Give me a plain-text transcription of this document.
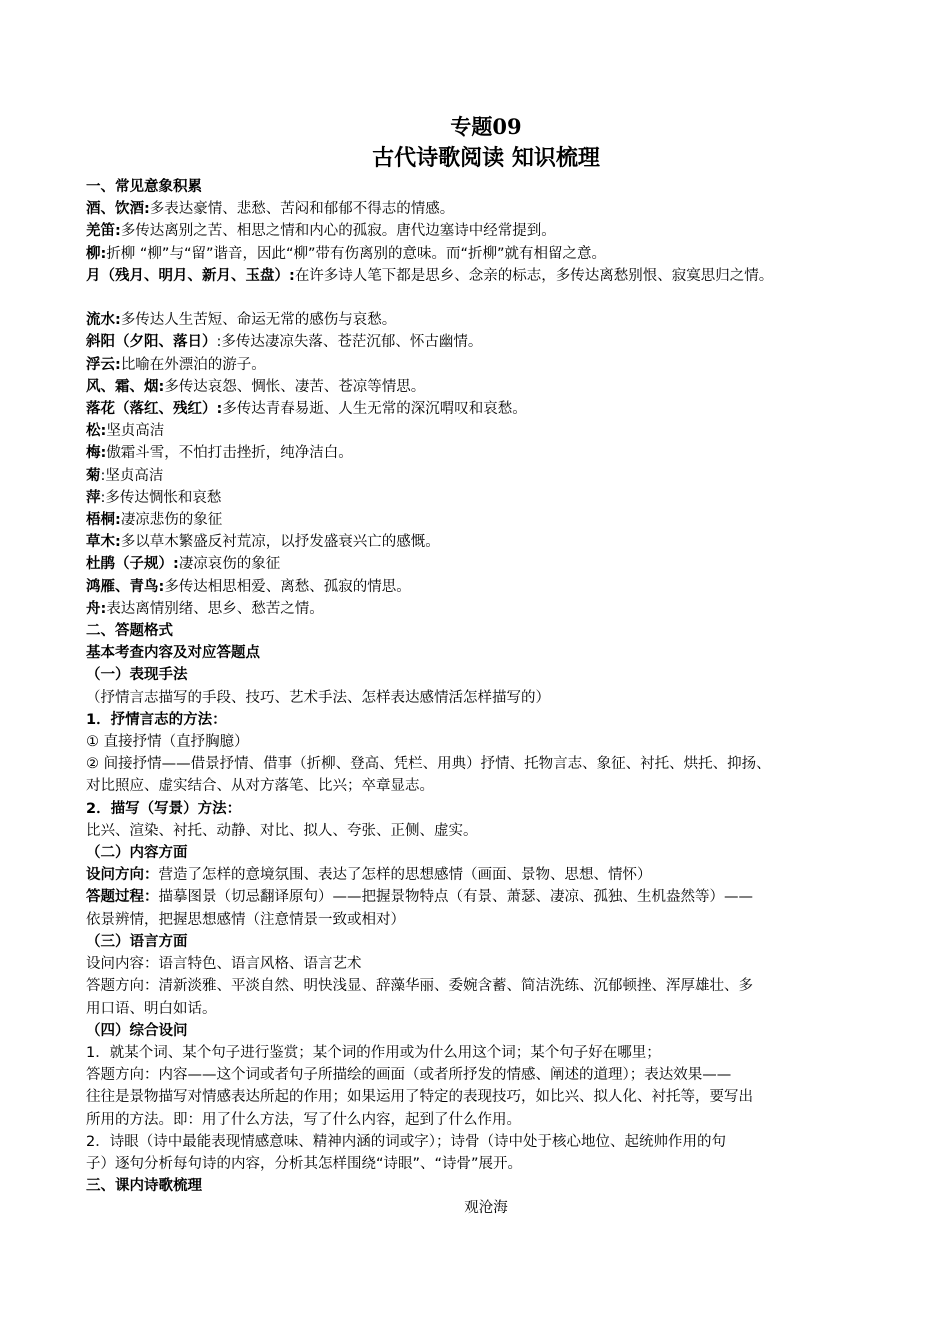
专题09
古代诗歌阅读 知识梳理
一、常见意象积累
酒、饮酒:多表达豪情、悲愁、苦闷和郁郁不得志的情感。
羌笛:多传达离别之苦、相思之情和内心的孤寂。唐代边塞诗中经常提到。
柳:折柳 “柳”与“留”谐音，因此“柳”带有伤离别的意味。而“折柳”就有相留之意。
月（残月、明月、新月、玉盘）:在许多诗人笔下都是思乡、念亲的标志，多传达离愁别恨、寂寞思归之情。
流水:多传达人生苦短、命运无常的感伤与哀愁。
斜阳（夕阳、落日）:多传达凄凉失落、苍茫沉郁、怀古幽情。
浮云:比喻在外漂泊的游子。
风、霜、烟:多传达哀怨、惆怅、凄苦、苍凉等情思。
落花（落红、残红）:多传达青春易逝、人生无常的深沉喟叹和哀愁。
松:坚贞高洁
梅:傲霜斗雪，不怕打击挫折，纯净洁白。
菊:坚贞高洁
萍:多传达惆怅和哀愁
梧桐:凄凉悲伤的象征
草木:多以草木繁盛反衬荒凉，以抒发盛衰兴亡的感慨。
杜鹃（子规）:凄凉哀伤的象征
鸿雁、青鸟:多传达相思相爱、离愁、孤寂的情思。
舟:表达离情别绪、思乡、愁苦之情。
二、答题格式
基本考查内容及对应答题点
（一）表现手法
（抒情言志描写的手段、技巧、艺术手法、怎样表达感情活怎样描写的）
1．抒情言志的方法：
① 直接抒情（直抒胸臆）
② 间接抒情——借景抒情、借事（折柳、登高、凭栏、用典）抒情、托物言志、象征、衬托、烘托、抑扬、
对比照应、虚实结合、从对方落笔、比兴；卒章显志。
2．描写（写景）方法：
比兴、渲染、衬托、动静、对比、拟人、夸张、正侧、虚实。
（二）内容方面
设问方向：营造了怎样的意境氛围、表达了怎样的思想感情（画面、景物、思想、情怀）
答题过程：描摹图景（切忌翻译原句）——把握景物特点（有景、萧瑟、凄凉、孤独、生机盎然等）——
依景辨情，把握思想感情（注意情景一致或相对）
（三）语言方面
设问内容：语言特色、语言风格、语言艺术
答题方向：清新淡雅、平淡自然、明快浅显、辞藻华丽、委婉含蓄、简洁洗练、沉郁顿挫、浑厚雄壮、多
用口语、明白如话。
（四）综合设问
1．就某个词、某个句子进行鉴赏；某个词的作用或为什么用这个词；某个句子好在哪里；
答题方向：内容——这个词或者句子所描绘的画面（或者所抒发的情感、阐述的道理）；表达效果——
往往是景物描写对情感表达所起的作用；如果运用了特定的表现技巧，如比兴、拟人化、衬托等，要写出
所用的方法。即：用了什么方法，写了什么内容，起到了什么作用。
2．诗眼（诗中最能表现情感意味、精神内涵的词或字）；诗骨（诗中处于核心地位、起统帅作用的句
子）逐句分析每句诗的内容，分析其怎样围绕“诗眼”、“诗骨”展开。
三、课内诗歌梳理
观沧海
